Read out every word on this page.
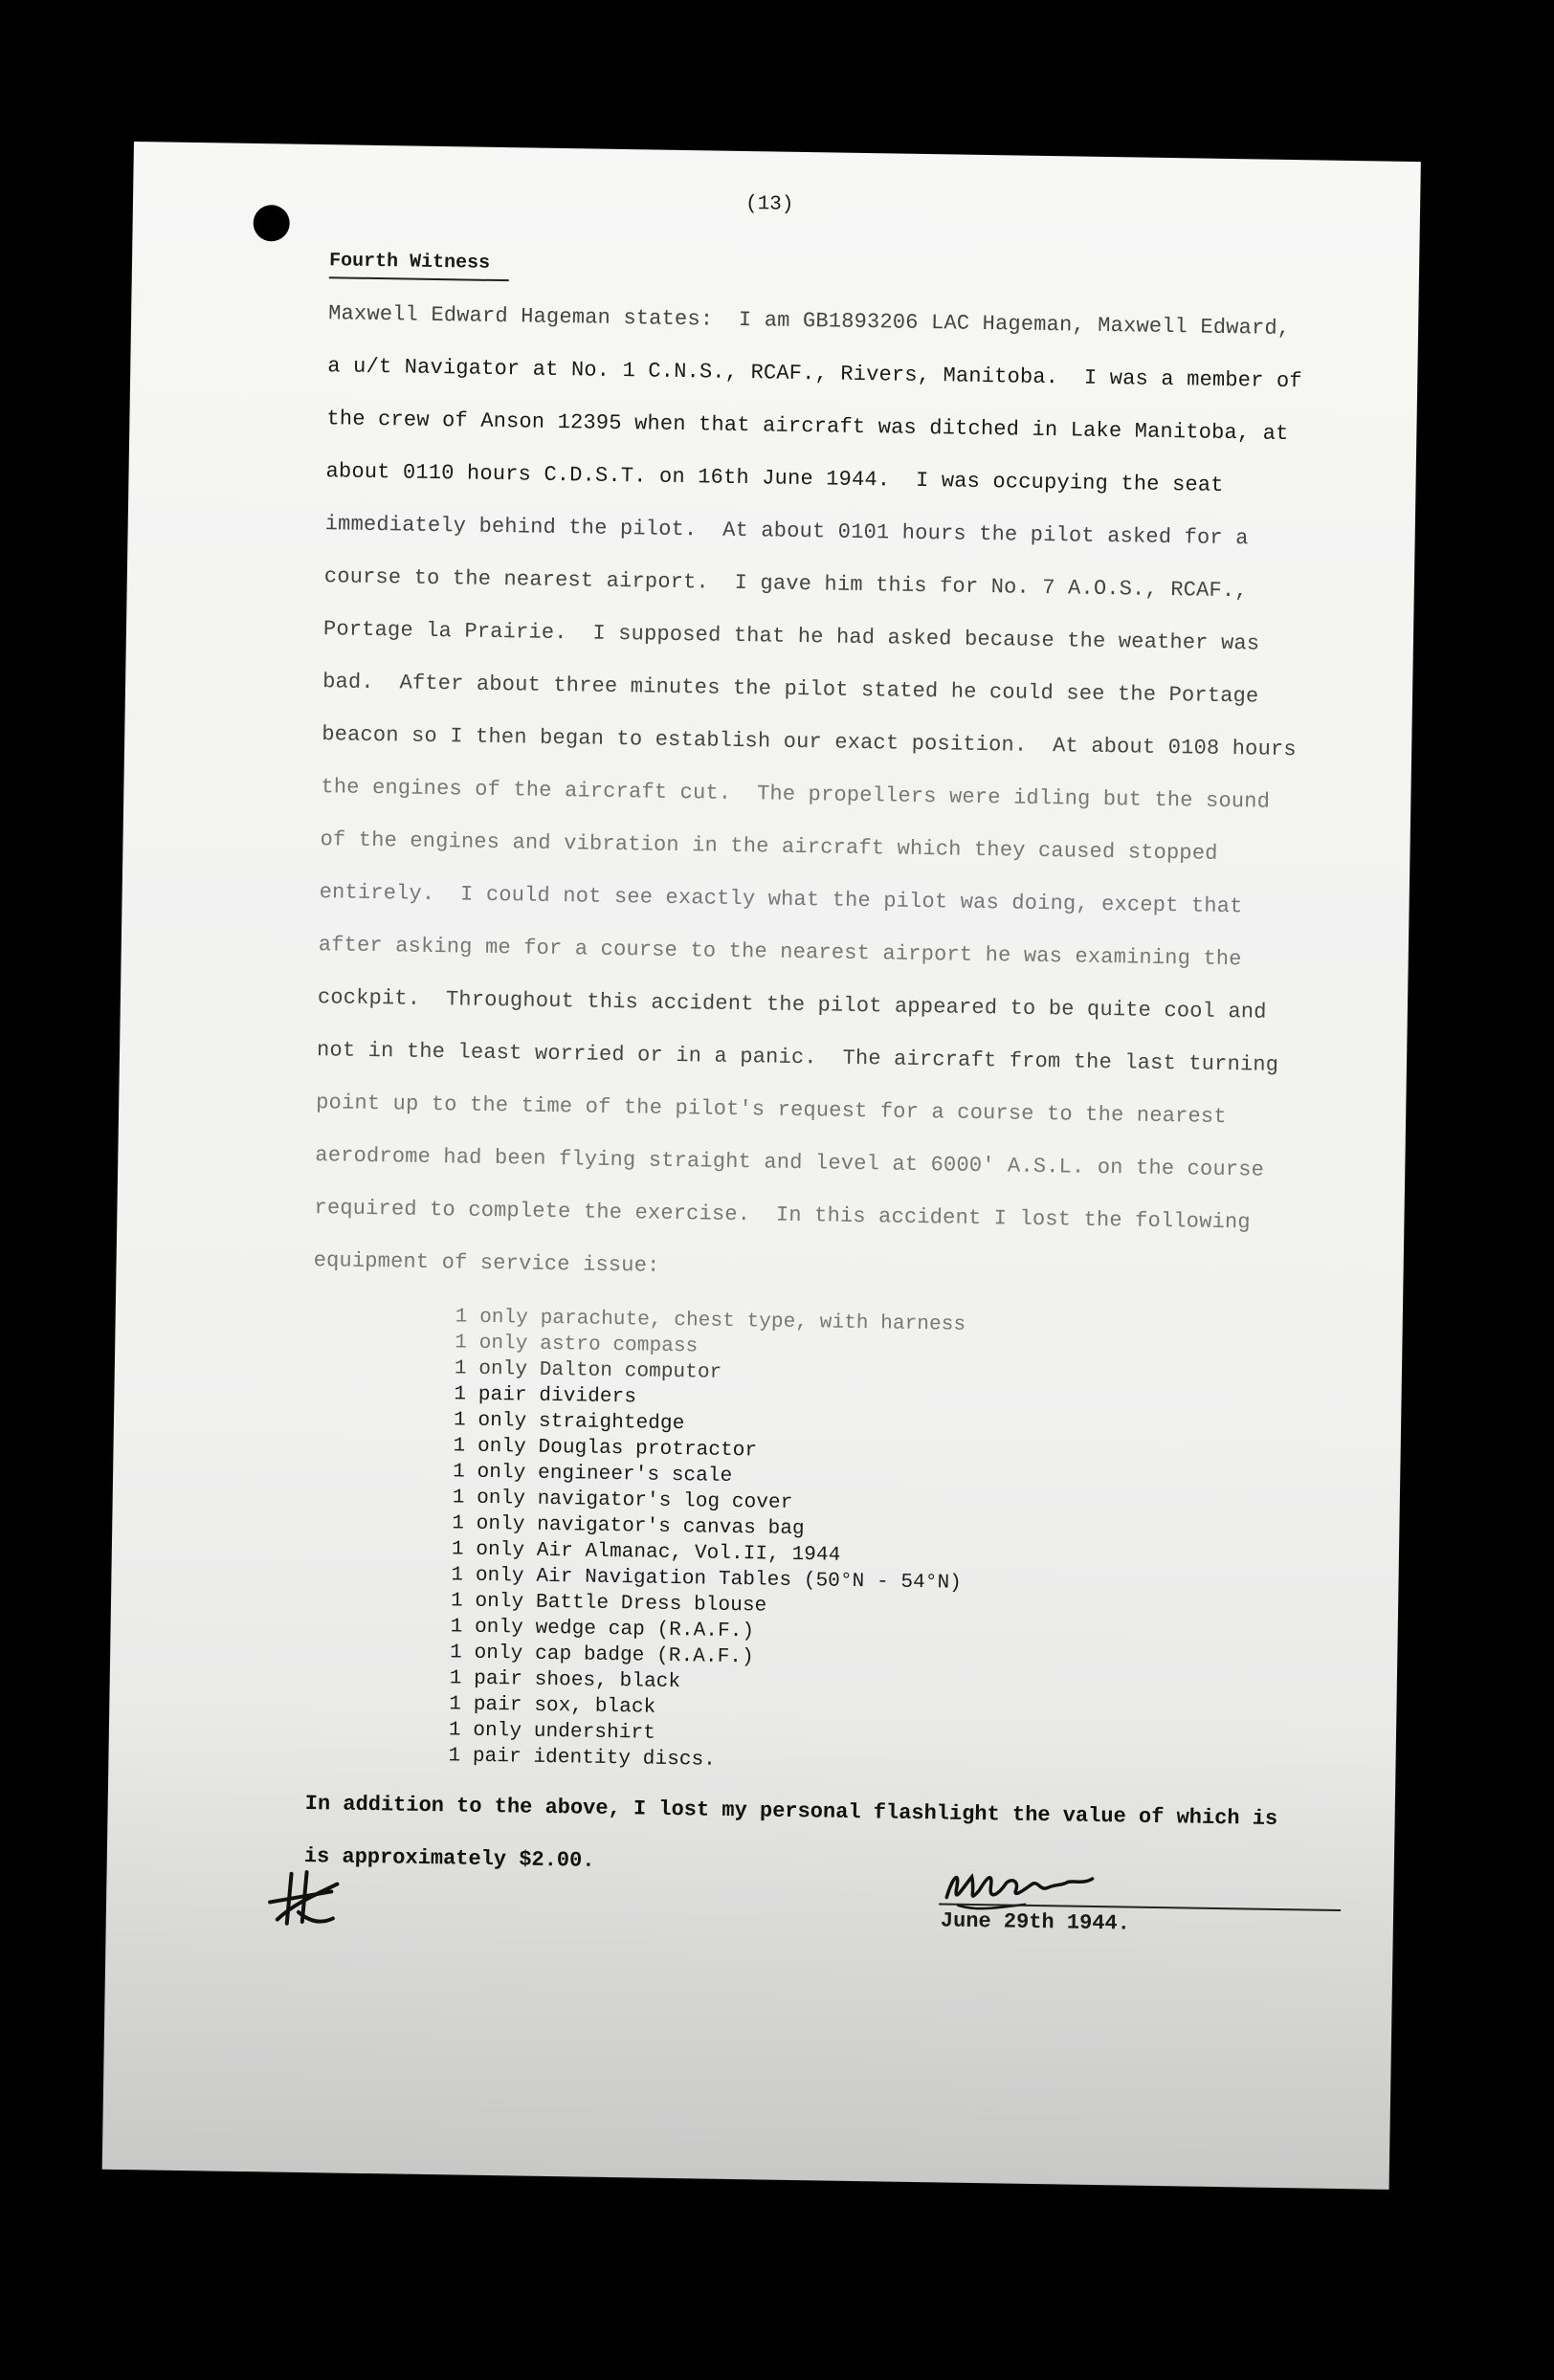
(13)
Fourth Witness
Maxwell Edward Hageman states:  I am GB1893206 LAC Hageman, Maxwell Edward,
a u/t Navigator at No. 1 C.N.S., RCAF., Rivers, Manitoba.  I was a member of
the crew of Anson 12395 when that aircraft was ditched in Lake Manitoba, at
about 0110 hours C.D.S.T. on 16th June 1944.  I was occupying the seat
immediately behind the pilot.  At about 0101 hours the pilot asked for a
course to the nearest airport.  I gave him this for No. 7 A.O.S., RCAF.,
Portage la Prairie.  I supposed that he had asked because the weather was
bad.  After about three minutes the pilot stated he could see the Portage
beacon so I then began to establish our exact position.  At about 0108 hours
the engines of the aircraft cut.  The propellers were idling but the sound
of the engines and vibration in the aircraft which they caused stopped
entirely.  I could not see exactly what the pilot was doing, except that
after asking me for a course to the nearest airport he was examining the
cockpit.  Throughout this accident the pilot appeared to be quite cool and
not in the least worried or in a panic.  The aircraft from the last turning
point up to the time of the pilot's request for a course to the nearest
aerodrome had been flying straight and level at 6000' A.S.L. on the course
required to complete the exercise.  In this accident I lost the following
equipment of service issue:
1 only parachute, chest type, with harness
1 only astro compass
1 only Dalton computor
1 pair dividers
1 only straightedge
1 only Douglas protractor
1 only engineer's scale
1 only navigator's log cover
1 only navigator's canvas bag
1 only Air Almanac, Vol.II, 1944
1 only Air Navigation Tables (50°N - 54°N)
1 only Battle Dress blouse
1 only wedge cap (R.A.F.)
1 only cap badge (R.A.F.)
1 pair shoes, black
1 pair sox, black
1 only undershirt
1 pair identity discs.
In addition to the above, I lost my personal flashlight the value of which is
is approximately $2.00.
June 29th 1944.
